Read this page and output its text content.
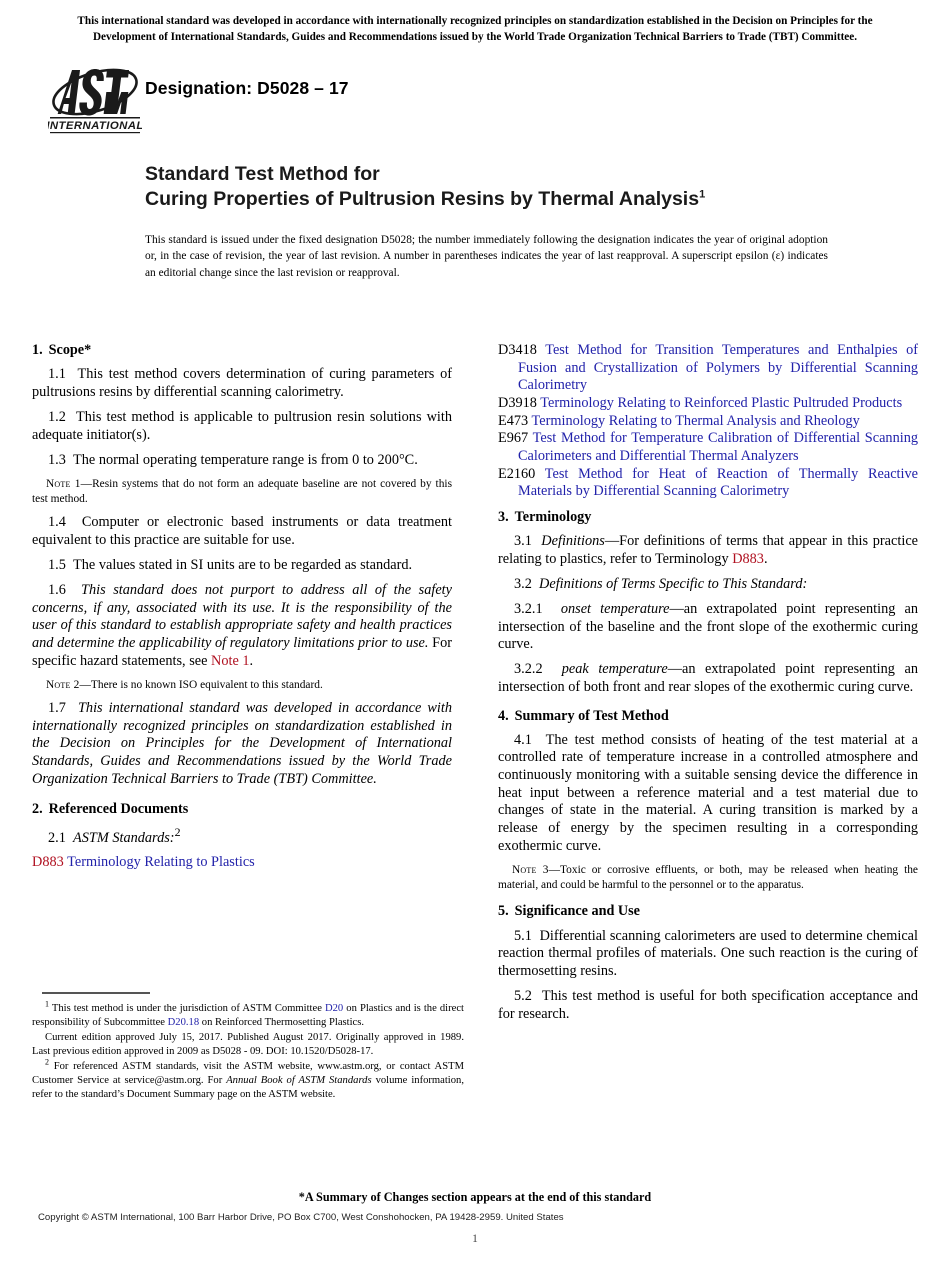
This international standard was developed in accordance with internationally recognized principles on standardization established in the Decision on Principles for the Development of International Standards, Guides and Recommendations issued by the World Trade Organization Technical Barriers to Trade (TBT) Committee.
INTERNATIONAL
Designation: D5028 – 17
Standard Test Method for
Curing Properties of Pultrusion Resins by Thermal Analysis$^1$
This standard is issued under the fixed designation D5028; the number immediately following the designation indicates the year of original adoption or, in the case of revision, the year of last revision. A number in parentheses indicates the year of last reapproval. A superscript epsilon (ε) indicates an editorial change since the last revision or reapproval.
1. Scope*

1.1 This test method covers determination of curing parameters of pultrusions resins by differential scanning calorimetry.

1.2 This test method is applicable to pultrusion resin solutions with adequate initiator(s).

1.3 The normal operating temperature range is from 0 to 200°C.

Note 1—Resin systems that do not form an adequate baseline are not covered by this test method.

1.4 Computer or electronic based instruments or data treatment equivalent to this practice are suitable for use.

1.5 The values stated in SI units are to be regarded as standard.

1.6 This standard does not purport to address all of the safety concerns, if any, associated with its use. It is the responsibility of the user of this standard to establish appropriate safety and health practices and determine the applicability of regulatory limitations prior to use. For specific hazard statements, see Note 1.

Note 2—There is no known ISO equivalent to this standard.

1.7 This international standard was developed in accordance with internationally recognized principles on standardization established in the Decision on Principles for the Development of International Standards, Guides and Recommendations issued by the World Trade Organization Technical Barriers to Trade (TBT) Committee.

2. Referenced Documents

2.1 ASTM Standards:$^2$

D883 Terminology Relating to Plastics
D3418 Test Method for Transition Temperatures and Enthalpies of Fusion and Crystallization of Polymers by Differential Scanning Calorimetry
D3918 Terminology Relating to Reinforced Plastic Pultruded Products
E473 Terminology Relating to Thermal Analysis and Rheology
E967 Test Method for Temperature Calibration of Differential Scanning Calorimeters and Differential Thermal Analyzers
E2160 Test Method for Heat of Reaction of Thermally Reactive Materials by Differential Scanning Calorimetry
3. Terminology

3.1 Definitions—For definitions of terms that appear in this practice relating to plastics, refer to Terminology D883.

3.2 Definitions of Terms Specific to This Standard:

3.2.1 onset temperature—an extrapolated point representing an intersection of the baseline and the front slope of the exothermic curing curve.

3.2.2 peak temperature—an extrapolated point representing an intersection of both front and rear slopes of the exothermic curing curve.

4. Summary of Test Method

4.1 The test method consists of heating of the test material at a controlled rate of temperature increase in a controlled atmosphere and continuously monitoring with a suitable sensing device the difference in heat input between a reference material and a test material due to changes of state in the material. A curing transition is marked by a release of energy by the specimen resulting in a corresponding exothermic curve.

Note 3—Toxic or corrosive effluents, or both, may be released when heating the material, and could be harmful to the personnel or to the apparatus.

5. Significance and Use

5.1 Differential scanning calorimeters are used to determine chemical reaction thermal profiles of materials. One such reaction is the curing of thermosetting resins.

5.2 This test method is useful for both specification acceptance and for research.

$^1$ This test method is under the jurisdiction of ASTM Committee D20 on Plastics and is the direct responsibility of Subcommittee D20.18 on Reinforced Thermosetting Plastics.

Current edition approved July 15, 2017. Published August 2017. Originally approved in 1989. Last previous edition approved in 2009 as D5028 - 09. DOI: 10.1520/D5028-17.

$^2$ For referenced ASTM standards, visit the ASTM website, www.astm.org, or contact ASTM Customer Service at service@astm.org. For Annual Book of ASTM Standards volume information, refer to the standard’s Document Summary page on the ASTM website.

*A Summary of Changes section appears at the end of this standard
Copyright © ASTM International, 100 Barr Harbor Drive, PO Box C700, West Conshohocken, PA 19428-2959. United States
1
